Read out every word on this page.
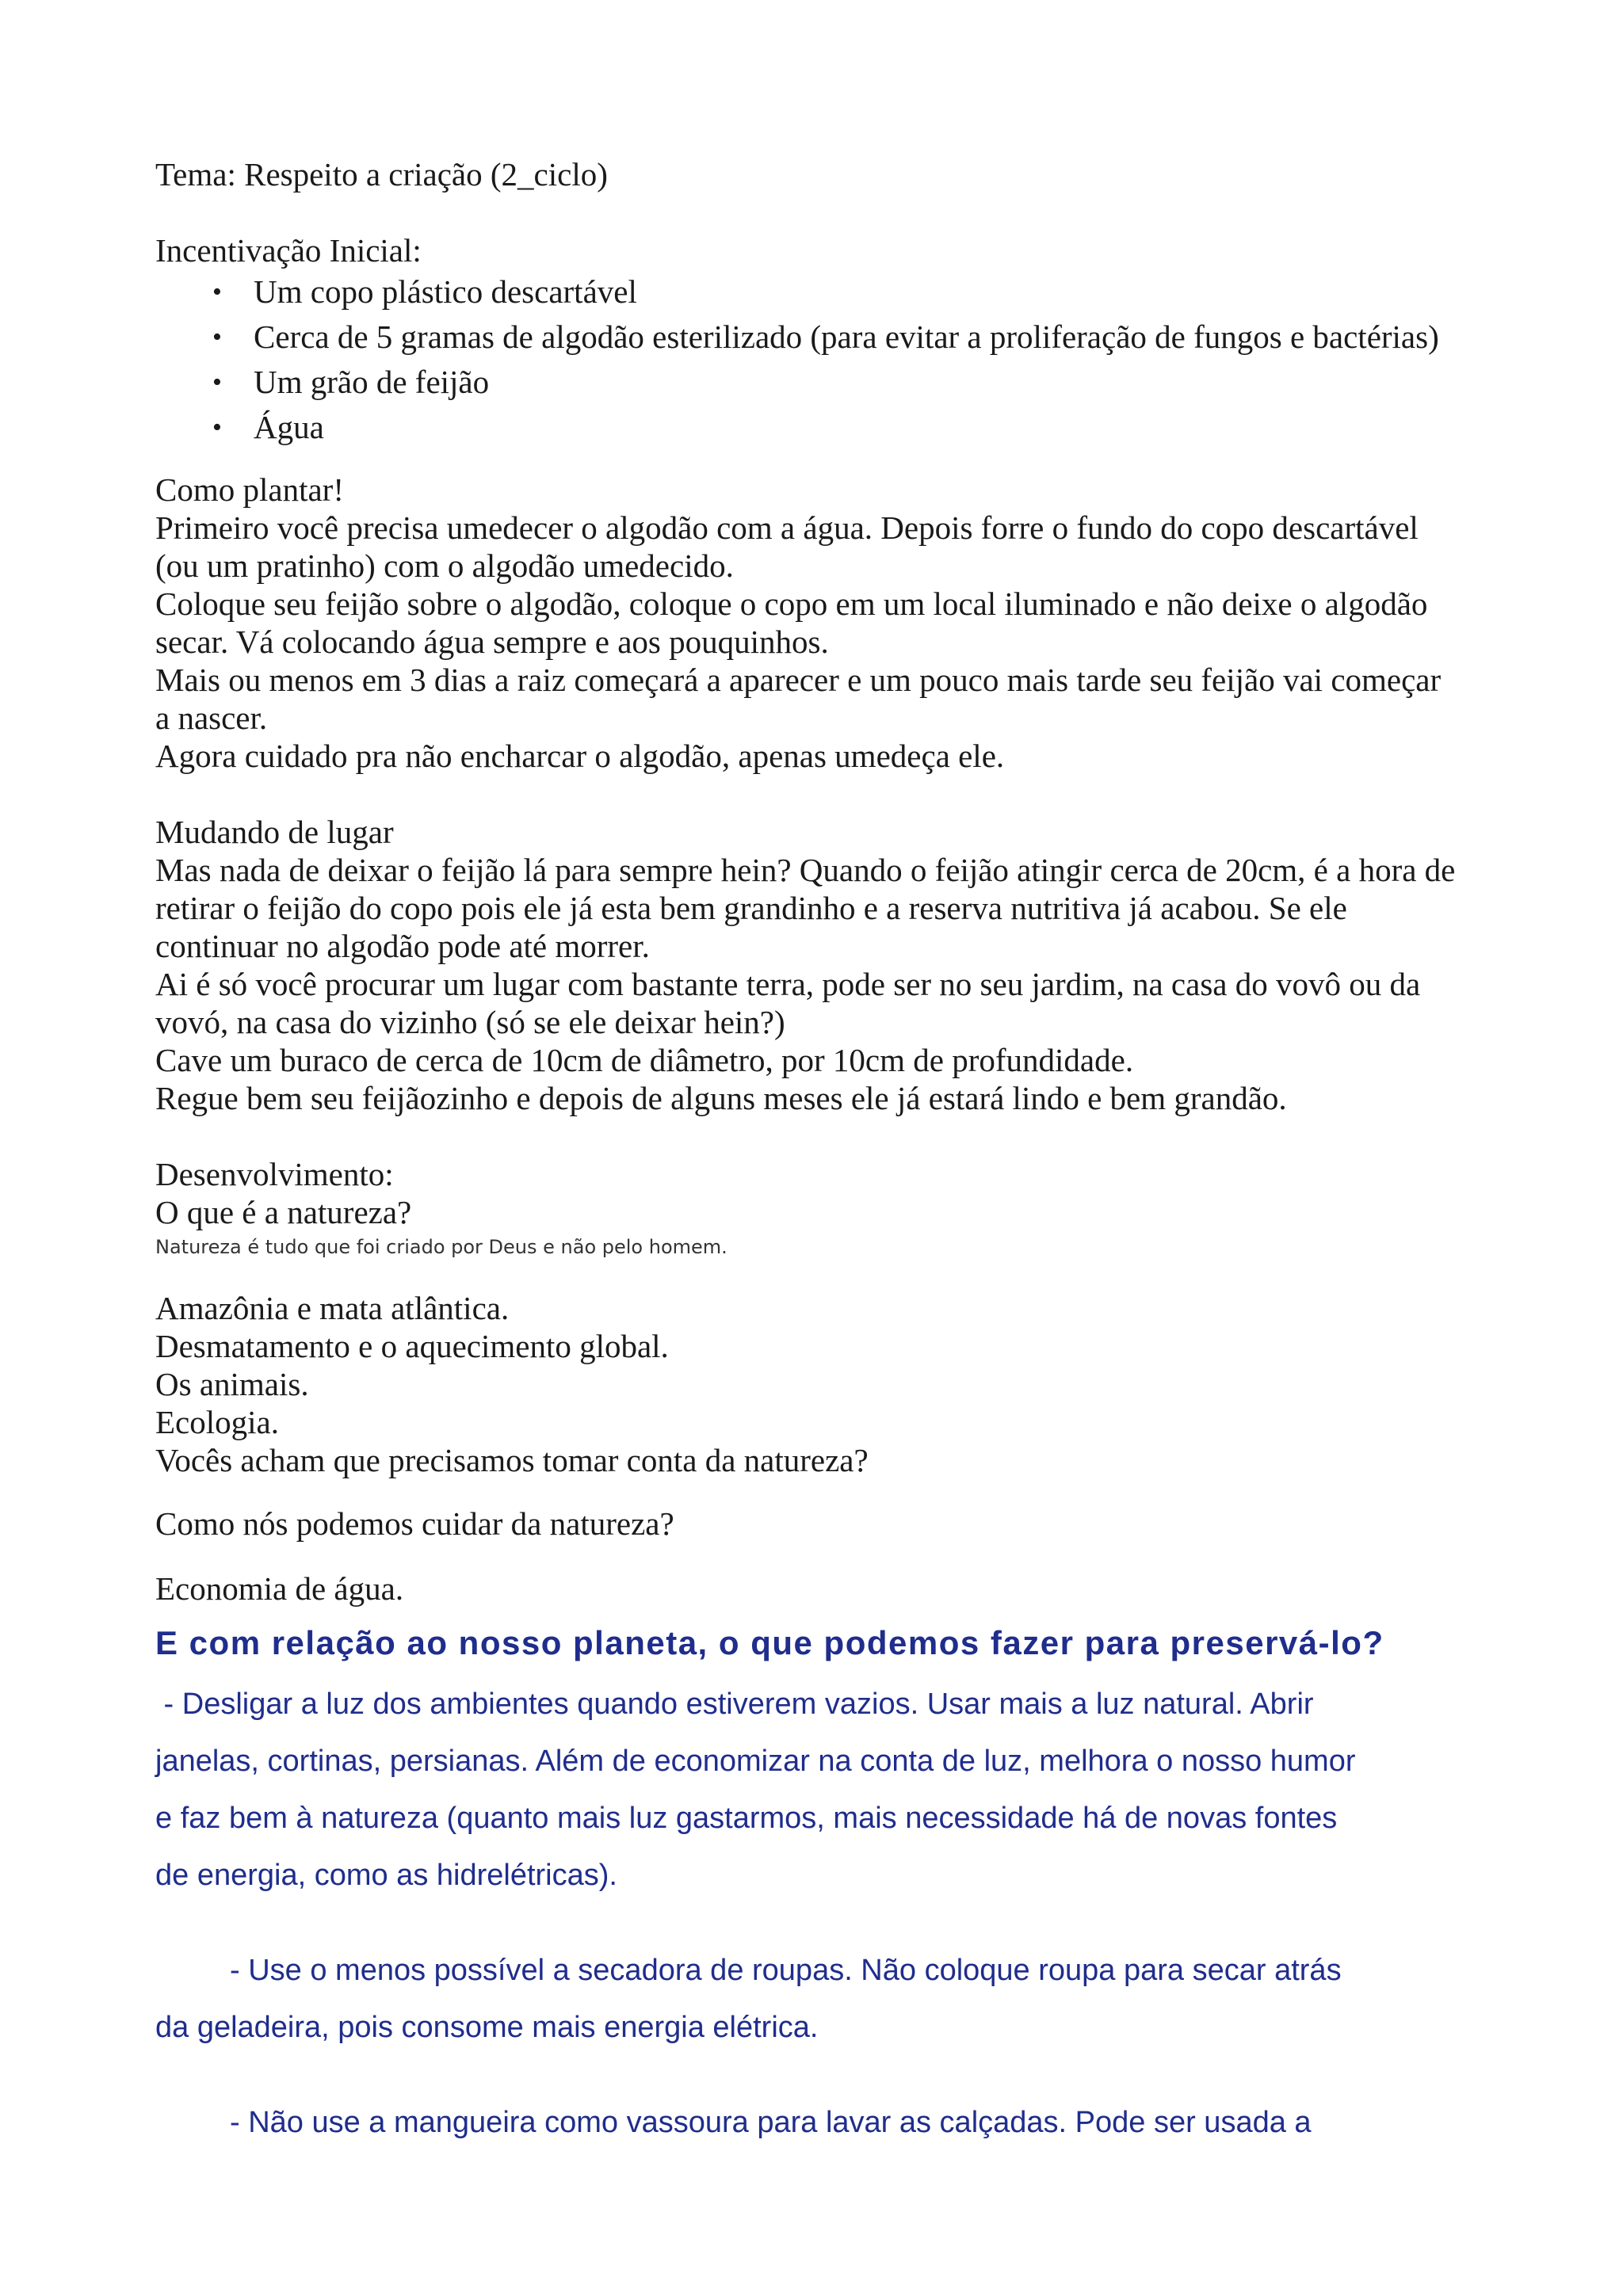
Tema: Respeito a criação (2_ciclo)

Incentivação Inicial:

• Um copo plástico descartável
• Cerca de 5 gramas de algodão esterilizado (para evitar a proliferação de fungos e bactérias)
• Um grão de feijão
• Água

Como plantar!

Primeiro você precisa umedecer o algodão com a água. Depois forre o fundo do copo descartável

(ou um pratinho) com o algodão umedecido.

Coloque seu feijão sobre o algodão, coloque o copo em um local iluminado e não deixe o algodão

secar. Vá colocando água sempre e aos pouquinhos.

Mais ou menos em 3 dias a raiz começará a aparecer e um pouco mais tarde seu feijão vai começar

a nascer.

Agora cuidado pra não encharcar o algodão, apenas umedeça ele.

Mudando de lugar

Mas nada de deixar o feijão lá para sempre hein? Quando o feijão atingir cerca de 20cm, é a hora de

retirar o feijão do copo pois ele já esta bem grandinho e a reserva nutritiva já acabou. Se ele

continuar no algodão pode até morrer.

Ai é só você procurar um lugar com bastante terra, pode ser no seu jardim, na casa do vovô ou da

vovó, na casa do vizinho (só se ele deixar hein?)

Cave um buraco de cerca de 10cm de diâmetro, por 10cm de profundidade.

Regue bem seu feijãozinho e depois de alguns meses ele já estará lindo e bem grandão.

Desenvolvimento:

O que é a natureza?

Natureza é tudo que foi criado por Deus e não pelo homem.

Amazônia e mata atlântica.

Desmatamento e o aquecimento global.

Os animais.

Ecologia.

Vocês acham que precisamos tomar conta da natureza?

Como nós podemos cuidar da natureza?

Economia de água.

E com relação ao nosso planeta, o que podemos fazer para preservá-lo?

- Desligar a luz dos ambientes quando estiverem vazios. Usar mais a luz natural. Abrir

janelas, cortinas, persianas. Além de economizar na conta de luz, melhora o nosso humor

e faz bem à natureza (quanto mais luz gastarmos, mais necessidade há de novas fontes

de energia, como as hidrelétricas).

- Use o menos possível a secadora de roupas. Não coloque roupa para secar atrás

da geladeira, pois consome mais energia elétrica.

- Não use a mangueira como vassoura para lavar as calçadas. Pode ser usada a
